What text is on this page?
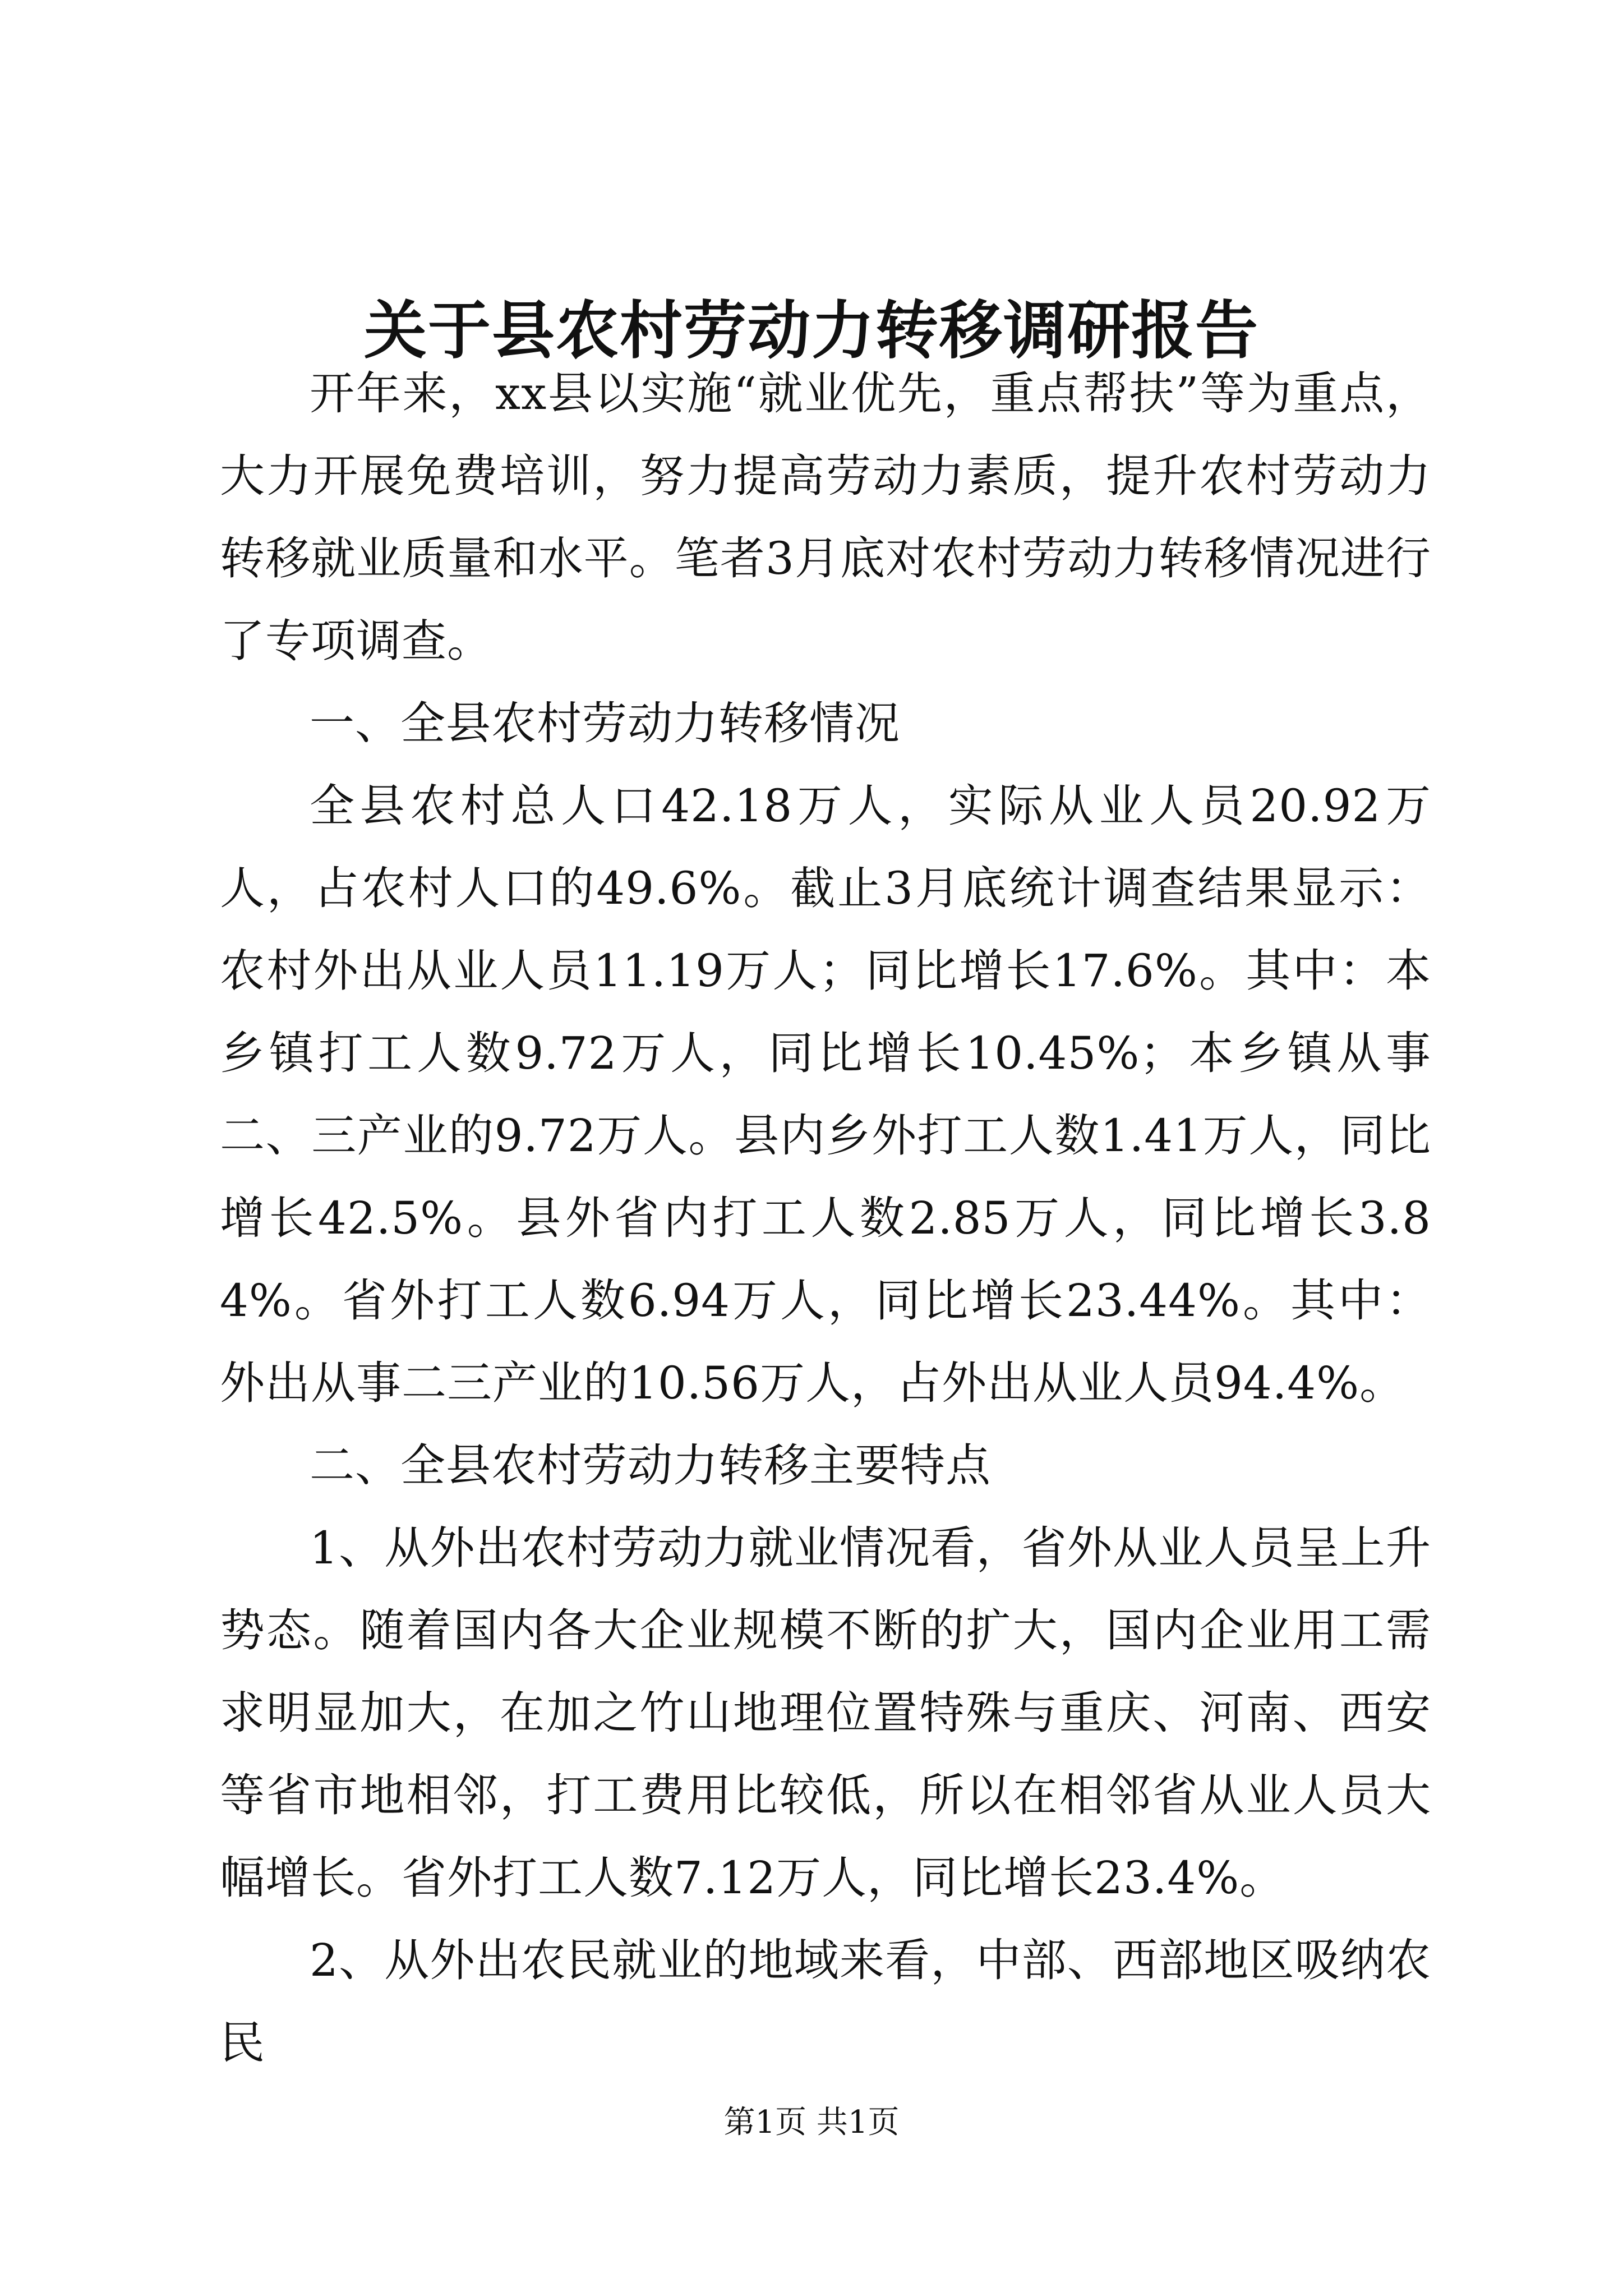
关于县农村劳动力转移调研报告

开年来，xx县以实施“就业优先，重点帮扶”等为重点，大力开展免费培训，努力提高劳动力素质，提升农村劳动力转移就业质量和水平。笔者3月底对农村劳动力转移情况进行了专项调查。

一、全县农村劳动力转移情况

全县农村总人口42.18万人，实际从业人员20.92万人，占农村人口的49.6%。截止3月底统计调查结果显示：农村外出从业人员11.19万人；同比增长17.6%。其中：本乡镇打工人数9.72万人，同比增长10.45%；本乡镇从事二、三产业的9.72万人。县内乡外打工人数1.41万人，同比增长42.5%。县外省内打工人数2.85万人，同比增长3.84%。省外打工人数6.94万人，同比增长23.44%。其中：外出从事二三产业的10.56万人，占外出从业人员94.4%。

二、全县农村劳动力转移主要特点

1、从外出农村劳动力就业情况看，省外从业人员呈上升势态。随着国内各大企业规模不断的扩大，国内企业用工需求明显加大，在加之竹山地理位置特殊与重庆、河南、西安等省市地相邻，打工费用比较低，所以在相邻省从业人员大幅增长。省外打工人数7.12万人，同比增长23.4%。

2、从外出农民就业的地域来看，中部、西部地区吸纳农民

第1页 共1页
